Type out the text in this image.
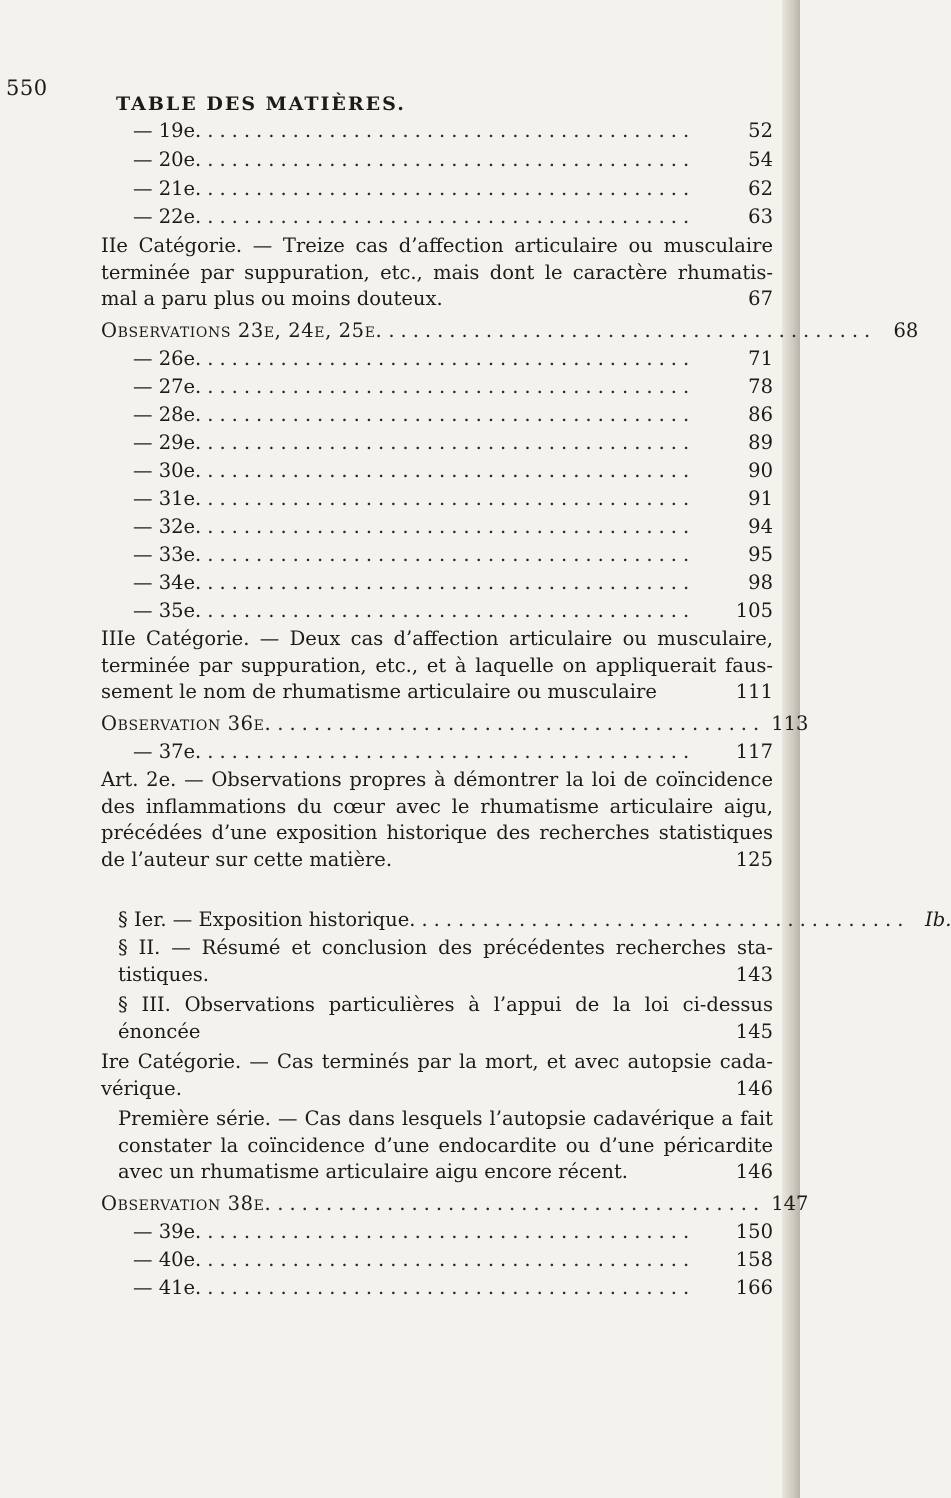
550
TABLE DES MATIÈRES.
— 19e. ........................................	52
— 20e. ........................................	54
— 21e. ........................................	62
— 22e. ........................................	63
IIe Catégorie. — Treize cas d’affection articulaire ou musculaire terminée par suppuration, etc., mais dont le caractère rhumatis-mal a paru plus ou moins douteux.	67
Observations 23e, 24e, 25e. ........................................ 68
— 26e. ........................................	71
— 27e. ........................................	78
— 28e. ........................................	86
— 29e. ........................................	89
— 30e. ........................................	90
— 31e. ........................................	91
— 32e. ........................................	94
— 33e. ........................................	95
— 34e. ........................................	98
— 35e. ........................................	105
IIIe Catégorie. — Deux cas d’affection articulaire ou musculaire, terminée par suppuration, etc., et à laquelle on appliquerait faus-sement le nom de rhumatisme articulaire ou musculaire	111
Observation 36e. ........................................ 113
— 37e. ........................................	117
Art. 2e. — Observations propres à démontrer la loi de coïncidence des inflammations du cœur avec le rhumatisme articulaire aigu, précédées d’une exposition historique des recherches statistiques de l’auteur sur cette matière.	125
§ Ier. — Exposition historique. ........................................ Ib.
§ II. — Résumé et conclusion des précédentes recherches sta-tistiques.	143
§ III. Observations particulières à l’appui de la loi ci-dessus énoncée	145
Ire Catégorie. — Cas terminés par la mort, et avec autopsie cada-vérique.	146
Première série. — Cas dans lesquels l’autopsie cadavérique a fait constater la coïncidence d’une endocardite ou d’une péricardite avec un rhumatisme articulaire aigu encore récent.	146
Observation 38e. ........................................ 147
— 39e. ........................................	150
— 40e. ........................................	158
— 41e. ........................................	166
